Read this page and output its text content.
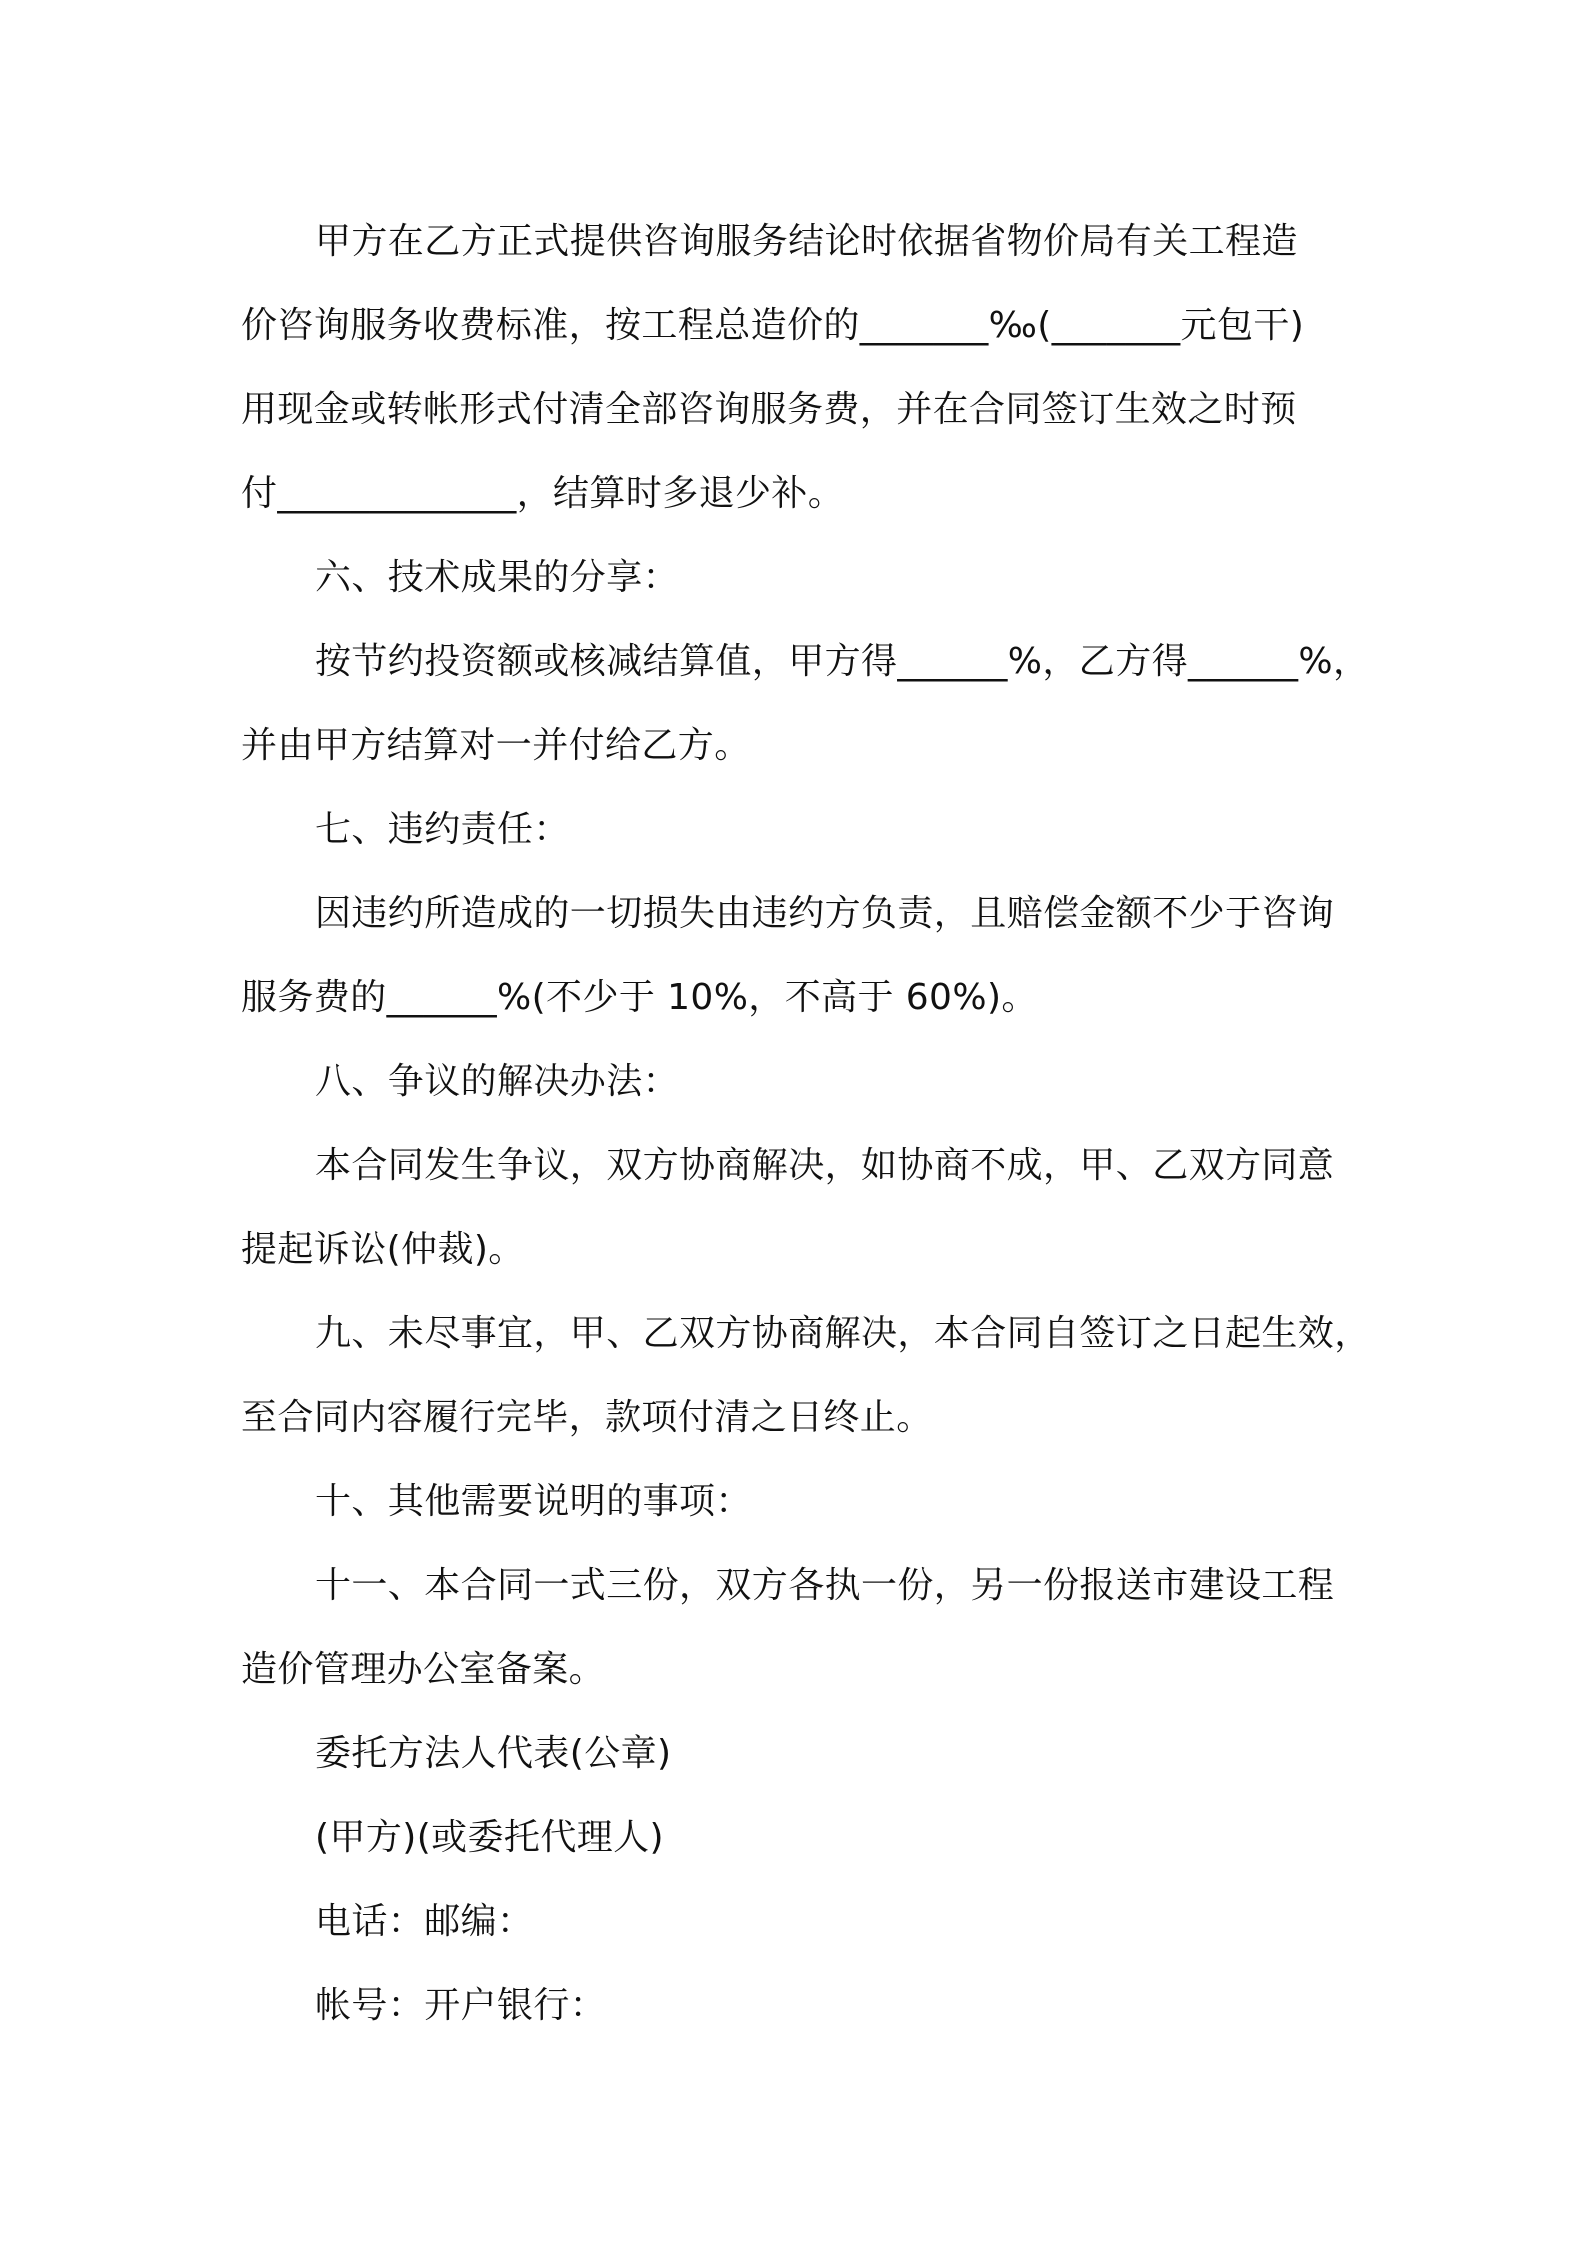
甲方在乙方正式提供咨询服务结论时依据省物价局有关工程造
价咨询服务收费标准，按工程总造价的_______‰(_______元包干)
用现金或转帐形式付清全部咨询服务费，并在合同签订生效之时预
付_____________，结算时多退少补。
六、技术成果的分享：
按节约投资额或核减结算值，甲方得______%，乙方得______%，
并由甲方结算对一并付给乙方。
七、违约责任：
因违约所造成的一切损失由违约方负责，且赔偿金额不少于咨询
服务费的______%(不少于 10%，不高于 60%)。
八、争议的解决办法：
本合同发生争议，双方协商解决，如协商不成，甲、乙双方同意
提起诉讼(仲裁)。
九、未尽事宜，甲、乙双方协商解决，本合同自签订之日起生效，
至合同内容履行完毕，款项付清之日终止。
十、其他需要说明的事项：
十一、本合同一式三份，双方各执一份，另一份报送市建设工程
造价管理办公室备案。
委托方法人代表(公章)
(甲方)(或委托代理人)
电话：邮编：
帐号：开户银行：
